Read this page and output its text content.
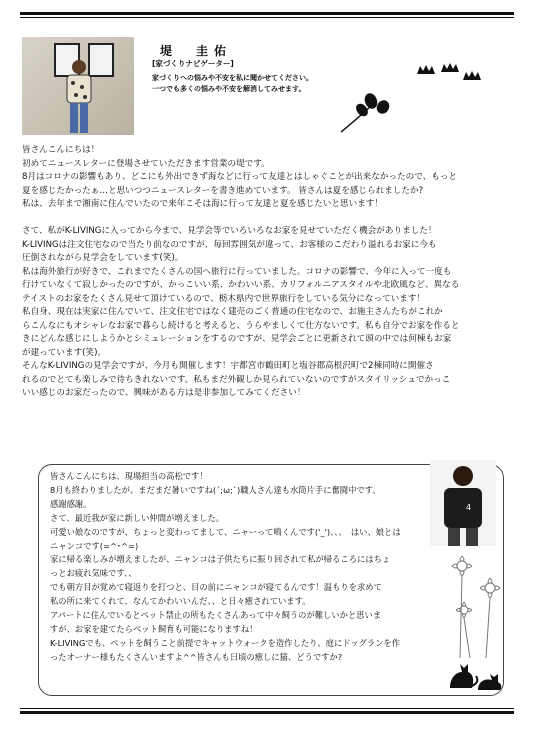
堤　圭佑
[家づくりナビゲーター]
家づくりへの悩みや不安を私に聞かせてください。
一つでも多くの悩みや不安を解消してみせます。

皆さんこんにちは！

初めてニュースレターに登場させていただきます営業の堤です。

8月はコロナの影響もあり、どこにも外出できず海などに行って友達とはしゃぐことが出来なかったので、もっと

夏を感じたかったぁ…と思いつつニュースレターを書き進めています。 皆さんは夏を感じられましたか?

私は、去年まで湘南に住んでいたので来年こそは海に行って友達と夏を感じたいと思います！

さて、私がK-LIVINGに入ってから今まで、見学会等でいろいろなお家を見せていただく機会がありました！

K-LIVINGは注文住宅なので当たり前なのですが、毎回雰囲気が違って、お客様のこだわり溢れるお家に今も

圧倒されながら見学会をしています(笑)。

私は海外旅行が好きで、これまでたくさんの国へ旅行に行っていました。コロナの影響で、今年に入って一度も

行けていなくて寂しかったのですが、かっこいい系、かわいい系、カリフォルニアスタイルや北欧風など、異なる

テイストのお家をたくさん見せて頂けているので、栃木県内で世界旅行をしている気分になっています！

私自身、現在は実家に住んでいて、注文住宅ではなく建売のごく普通の住宅なので、お施主さんたちがこれか

らこんなにもオシャレなお家で暮らし続けると考えると、うらやましくて仕方ないです。私も自分でお家を作ると

きにどんな感じにしようかとシミュレーションをするのですが、見学会ごとに更新されて頭の中では何棟もお家

が建っています(笑)。

そんなK-LIVINGの見学会ですが、今月も開催します！宇都宮市鶴田町と塩谷郡高根沢町で2棟同時に開催さ

れるのでとても楽しみで待ちきれないです。私もまだ外観しか見られていないのですがスタイリッシュでかっこ

いい感じのお家だったので、興味がある方は是非参加してみてください！

皆さんこんにちは、現場担当の高松です！

8月も終わりましたが、まだまだ暑いですね(´;ω;`)職人さん達も水筒片手に奮闘中です。

感謝感謝。

さて、最近我が家に新しい仲間が増えました。

可愛い娘なのですが、ちょっと変わってまして、ニャーって鳴くんです('_')、、、　はい、娘とは

ニャンコです(=^･^=)

家に帰る楽しみが増えましたが、ニャンコは子供たちに振り回されて私が帰るころにはちょ

っとお疲れ気味です、、

でも朝方目が覚めて寝返りを打つと、目の前にニャンコが寝てるんです！温もりを求めて

私の所に来てくれて、なんてかわいいんだ、、と日々癒されています。

アパートに住んでいるとペット禁止の所もたくさんあって中々飼うのが難しいかと思いま

すが、お家を建てたらペット飼育も可能になりますね！

K-LIVINGでも、ペットを飼うこと前提でキャットウォークを造作したり、庭にドッグランを作

ったオーナー様もたくさんいますよ^^皆さんも日頃の癒しに猫、どうですか?

4
